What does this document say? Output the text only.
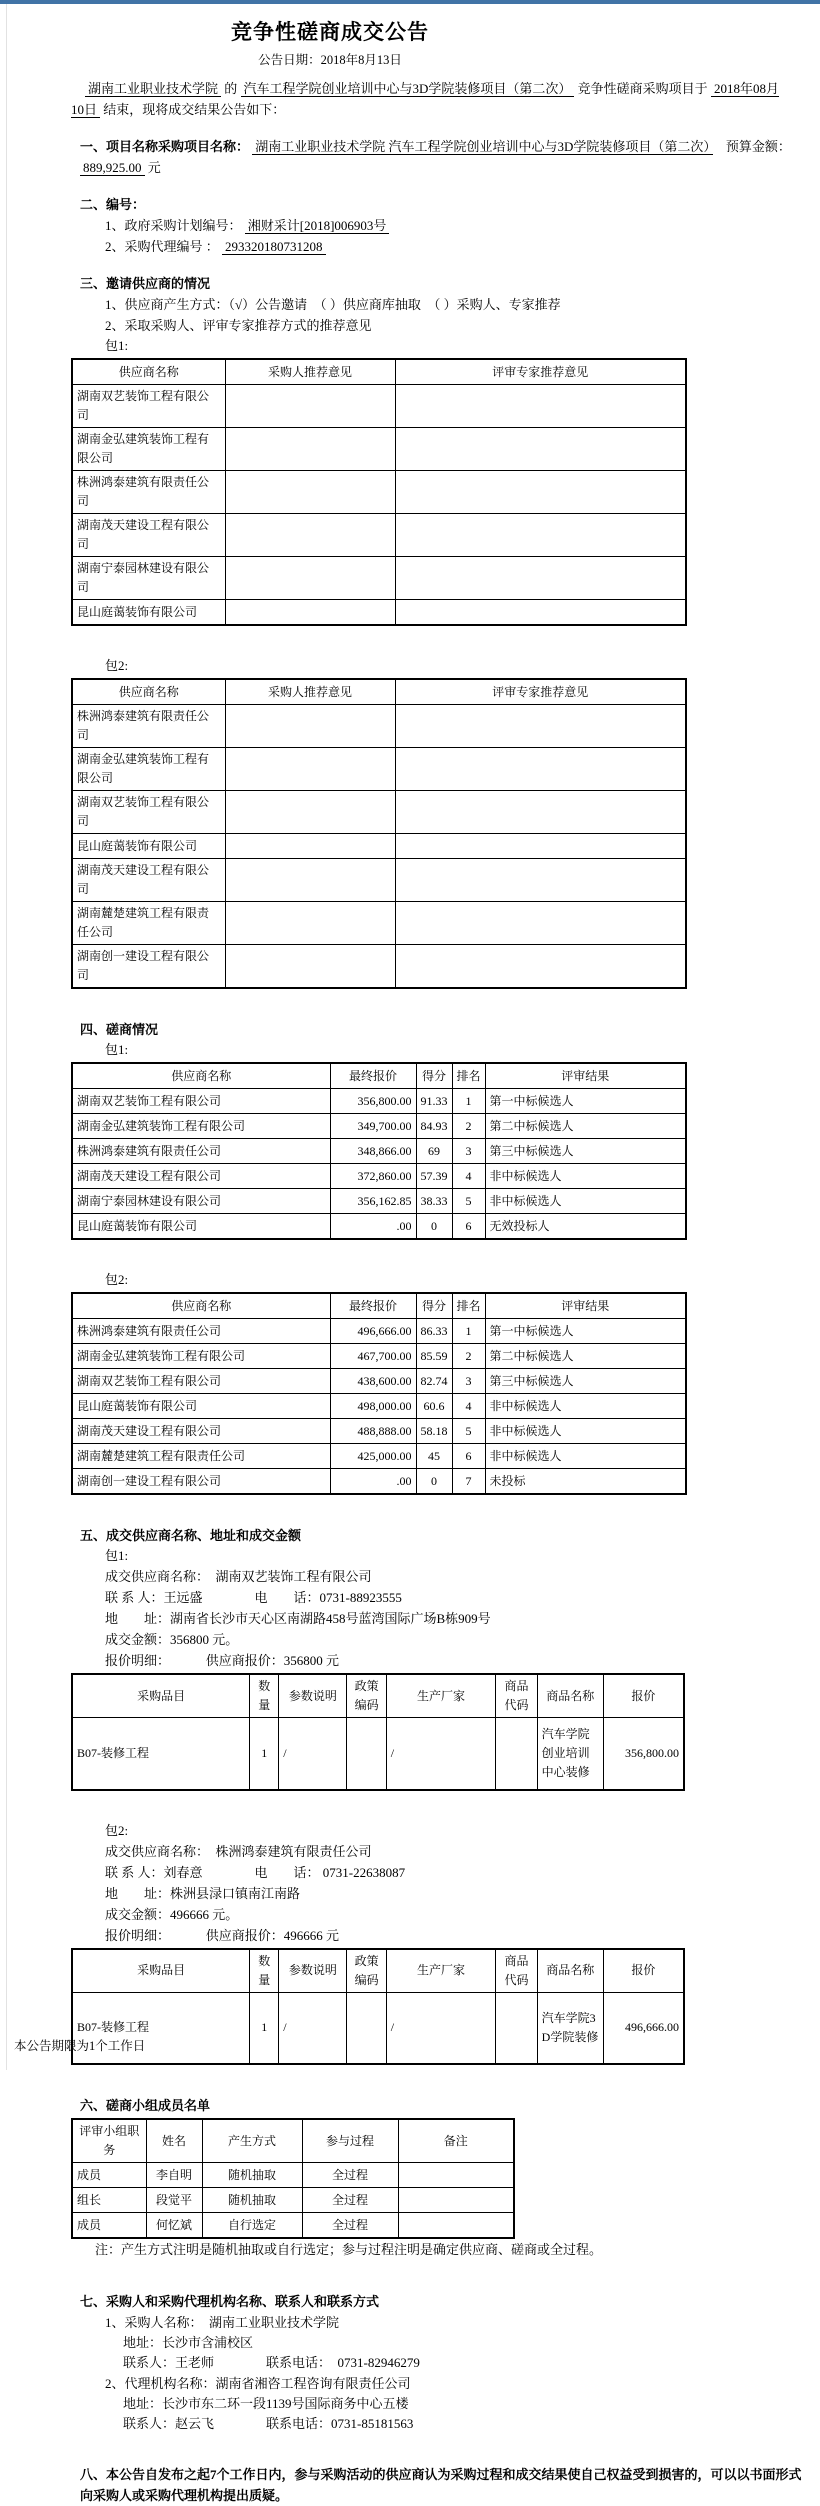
竞争性磋商成交公告
公告日期：2018年8月13日

湖南工业职业技术学院 的 汽车工程学院创业培训中心与3D学院装修项目（第二次） 竞争性磋商采购项目于 2018年08月10日 结束，现将成交结果公告如下：

一、项目名称采购项目名称： 湖南工业职业技术学院 汽车工程学院创业培训中心与3D学院装修项目（第二次）　预算金额：889,925.00 元

二、编号：

1、政府采购计划编号： 湘财采计[2018]006903号

2、采购代理编号 ： 293320180731208

三、邀请供应商的情况

1、供应商产生方式：（√）公告邀请　（ ）供应商库抽取　（ ）采购人、专家推荐

2、采取采购人、评审专家推荐方式的推荐意见

包1:

供应商名称	采购人推荐意见	评审专家推荐意见
湖南双艺装饰工程有限公司		
湖南金弘建筑装饰工程有限公司		
株洲鸿泰建筑有限责任公司		
湖南茂天建设工程有限公司		
湖南宁泰园林建设有限公司		
昆山庭蔼装饰有限公司		

包2:

供应商名称	采购人推荐意见	评审专家推荐意见
株洲鸿泰建筑有限责任公司		
湖南金弘建筑装饰工程有限公司		
湖南双艺装饰工程有限公司		
昆山庭蔼装饰有限公司		
湖南茂天建设工程有限公司		
湖南麓楚建筑工程有限责任公司		
湖南创一建设工程有限公司		

四、磋商情况

包1:

供应商名称	最终报价	得分	排名	评审结果
湖南双艺装饰工程有限公司	356,800.00	91.33	1	第一中标候选人
湖南金弘建筑装饰工程有限公司	349,700.00	84.93	2	第二中标候选人
株洲鸿泰建筑有限责任公司	348,866.00	69	3	第三中标候选人
湖南茂天建设工程有限公司	372,860.00	57.39	4	非中标候选人
湖南宁泰园林建设有限公司	356,162.85	38.33	5	非中标候选人
昆山庭蔼装饰有限公司	.00	0	6	无效投标人

包2:

供应商名称	最终报价	得分	排名	评审结果
株洲鸿泰建筑有限责任公司	496,666.00	86.33	1	第一中标候选人
湖南金弘建筑装饰工程有限公司	467,700.00	85.59	2	第二中标候选人
湖南双艺装饰工程有限公司	438,600.00	82.74	3	第三中标候选人
昆山庭蔼装饰有限公司	498,000.00	60.6	4	非中标候选人
湖南茂天建设工程有限公司	488,888.00	58.18	5	非中标候选人
湖南麓楚建筑工程有限责任公司	425,000.00	45	6	非中标候选人
湖南创一建设工程有限公司	.00	0	7	未投标

五、成交供应商名称、地址和成交金额

包1:

成交供应商名称：　湖南双艺装饰工程有限公司

联 系 人：王远盛　　　　电　　话：0731-88923555

地　　址：湖南省长沙市天心区南湖路458号蓝湾国际广场B栋909号

成交金额：356800 元。

报价明细：　　　	供应商报价：356800 元

采购品目	数量	参数说明	政策编码	生产厂家	商品代码	商品名称	报价
B07-装修工程	1	/		/		汽车学院创业培训中心装修	356,800.00

包2:

成交供应商名称：　株洲鸿泰建筑有限责任公司

联 系 人：刘春意　　　　电　　话： 0731-22638087

地　　址：株洲县渌口镇南江南路

成交金额：496666 元。

报价明细：　　　	供应商报价：496666 元

采购品目	数量	参数说明	政策编码	生产厂家	商品代码	商品名称	报价
B07-装修工程	1	/		/		汽车学院3D学院装修	496,666.00

六、磋商小组成员名单

评审小组职务	姓名	产生方式	参与过程	备注
成员	李自明	随机抽取	全过程	
组长	段觉平	随机抽取	全过程	
成员	何忆斌	自行选定	全过程	

注：产生方式注明是随机抽取或自行选定；参与过程注明是确定供应商、磋商或全过程。

七、采购人和采购代理机构名称、联系人和联系方式

1、采购人名称：　湖南工业职业技术学院

地址：长沙市含浦校区

联系人：王老师　　　　联系电话：　0731-82946279

2、代理机构名称：湖南省湘咨工程咨询有限责任公司

地址：长沙市东二环一段1139号国际商务中心五楼

联系人：赵云飞　　　　联系电话：0731-85181563

八、本公告自发布之起7个工作日内，参与采购活动的供应商认为采购过程和成交结果使自己权益受到损害的，可以以书面形式向采购人或采购代理机构提出质疑。

本公告期限为1个工作日
